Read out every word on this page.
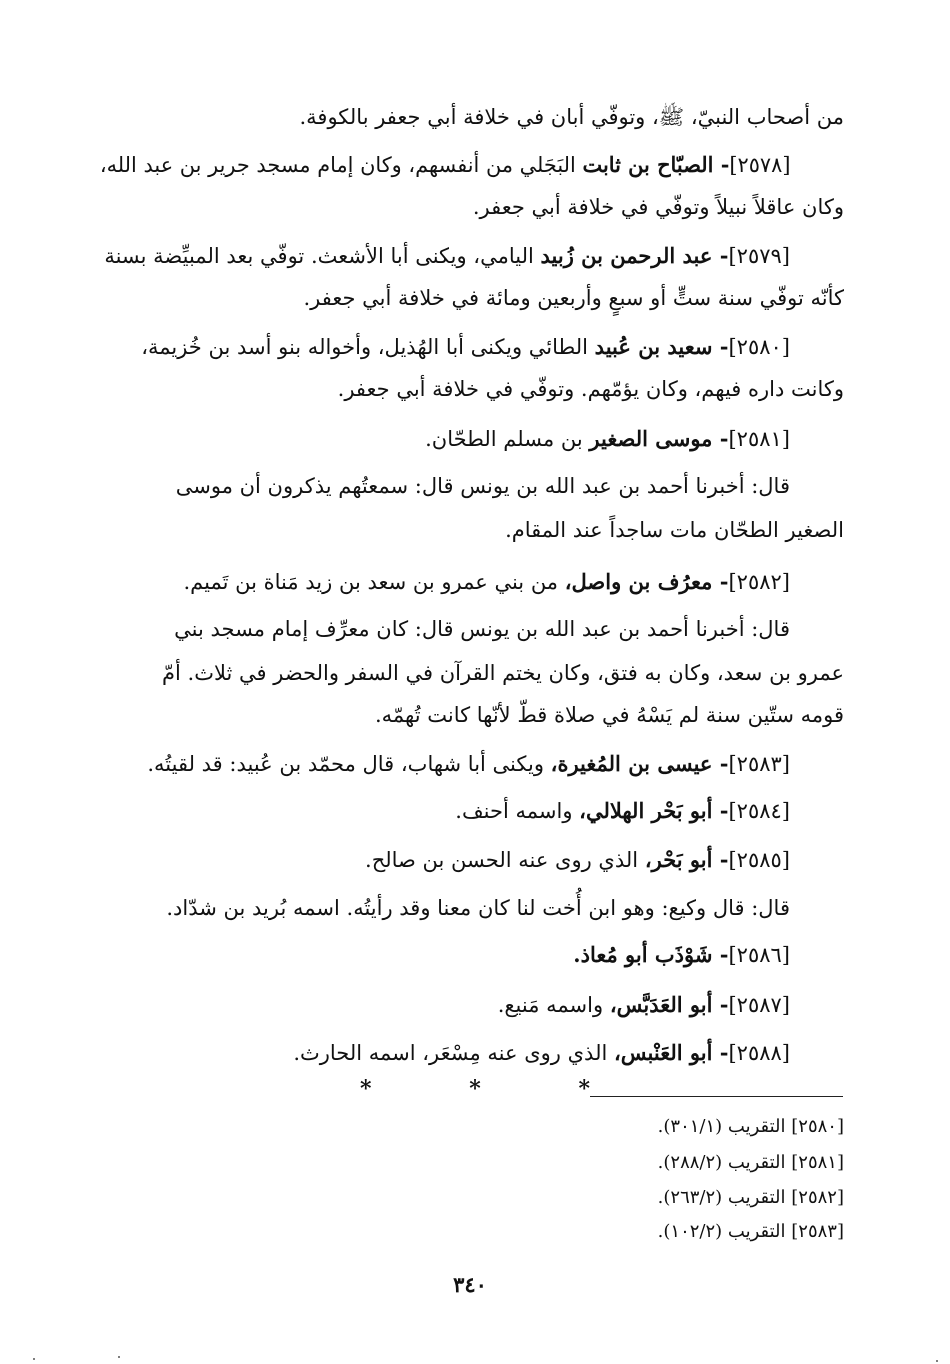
من أصحاب النبيّ، ﷺ، وتوفّي أبان في خلافة أبي جعفر بالكوفة.
[٢٥٧٨]- الصبّاح بن ثابت البَجَلي من أنفسهم، وكان إمام مسجد جرير بن عبد الله،
وكان عاقلاً نبيلاً وتوفّي في خلافة أبي جعفر.
[٢٥٧٩]- عبد الرحمن بن زُبيد اليامي، ويكنى أبا الأشعث. توفّي بعد المبيِّضة بسنة
كأنّه توفّي سنة ستٍّ أو سبعٍ وأربعين ومائة في خلافة أبي جعفر.
[٢٥٨٠]- سعيد بن عُبيد الطائي ويكنى أبا الهُذيل، وأخواله بنو أسد بن خُزيمة،
وكانت داره فيهم، وكان يؤمّهم. وتوفّي في خلافة أبي جعفر.
[٢٥٨١]- موسى الصغير بن مسلم الطحّان.
قال: أخبرنا أحمد بن عبد الله بن يونس قال: سمعتُهم يذكرون أن موسى
الصغير الطحّان مات ساجداً عند المقام.
[٢٥٨٢]- معرُف بن واصل، من بني عمرو بن سعد بن زيد مَناة بن تَميم.
قال: أخبرنا أحمد بن عبد الله بن يونس قال: كان معرِّف إمام مسجد بني
عمرو بن سعد، وكان به فتق، وكان يختم القرآن في السفر والحضر في ثلاث. أمّ
قومه ستّين سنة لم يَسْهُ في صلاة قطّ لأنّها كانت تُهمّه.
[٢٥٨٣]- عيسى بن المُغيرة، ويكنى أبا شهاب، قال محمّد بن عُبيد: قد لقيتُه.
[٢٥٨٤]- أبو بَحْر الهلالي، واسمه أحنف.
[٢٥٨٥]- أبو بَحْر، الذي روى عنه الحسن بن صالح.
قال: قال وكيع: وهو ابن أُخت لنا كان معنا وقد رأيتُه. اسمه بُريد بن شدّاد.
[٢٥٨٦]- شَوْذَب أبو مُعاذ.
[٢٥٨٧]- أبو العَدَبَّس، واسمه مَنيع.
[٢٥٨٨]- أبو العَنْبس، الذي روى عنه مِسْعَر، اسمه الحارث.
*	*	*
[٢٥٨٠] التقريب (٣٠١/١).
[٢٥٨١] التقريب (٢٨٨/٢).
[٢٥٨٢] التقريب (٢٦٣/٢).
[٢٥٨٣] التقريب (١٠٢/٢).
٣٤٠
